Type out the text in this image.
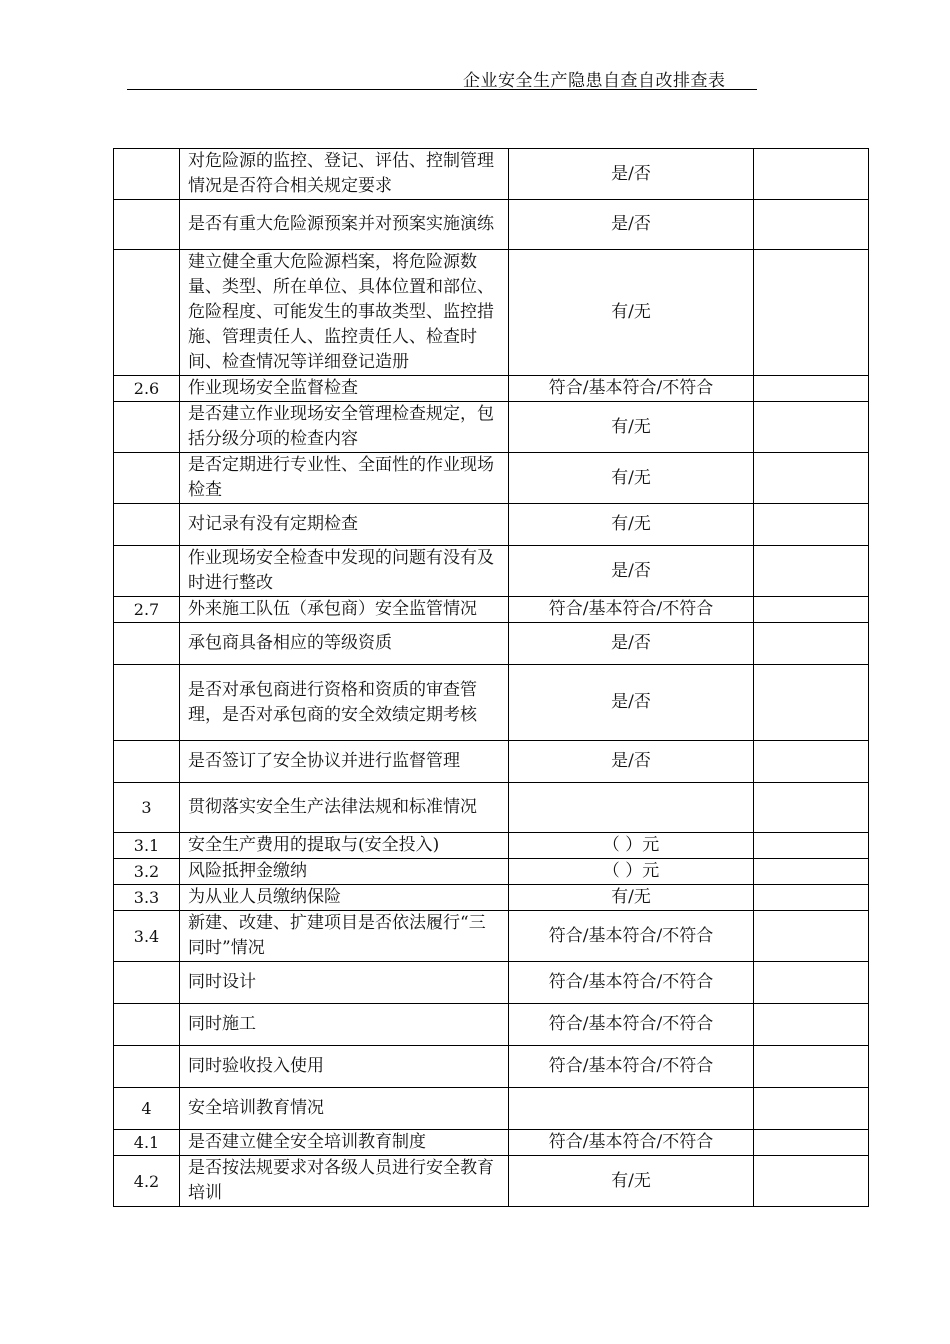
企业安全生产隐患自查自改排查表
	对危险源的监控、登记、评估、控制管理情况是否符合相关规定要求	是/否	
	是否有重大危险源预案并对预案实施演练	是/否	
	建立健全重大危险源档案，将危险源数量、类型、所在单位、具体位置和部位、危险程度、可能发生的事故类型、监控措施、管理责任人、监控责任人、检查时间、检查情况等详细登记造册	有/无	
2.6	作业现场安全监督检查	符合/基本符合/不符合	
	是否建立作业现场安全管理检查规定，包括分级分项的检查内容	有/无	
	是否定期进行专业性、全面性的作业现场检查	有/无	
	对记录有没有定期检查	有/无	
	作业现场安全检查中发现的问题有没有及时进行整改	是/否	
2.7	外来施工队伍（承包商）安全监管情况	符合/基本符合/不符合	
	承包商具备相应的等级资质	是/否	
	是否对承包商进行资格和资质的审查管理，是否对承包商的安全效绩定期考核	是/否	
	是否签订了安全协议并进行监督管理	是/否	
3	贯彻落实安全生产法律法规和标准情况		
3.1	安全生产费用的提取与(安全投入)	（ ）元	
3.2	风险抵押金缴纳	（ ）元	
3.3	为从业人员缴纳保险	有/无	
3.4	新建、改建、扩建项目是否依法履行“三同时”情况	符合/基本符合/不符合	
	同时设计	符合/基本符合/不符合	
	同时施工	符合/基本符合/不符合	
	同时验收投入使用	符合/基本符合/不符合	
4	安全培训教育情况		
4.1	是否建立健全安全培训教育制度	符合/基本符合/不符合	
4.2	是否按法规要求对各级人员进行安全教育培训	有/无	
